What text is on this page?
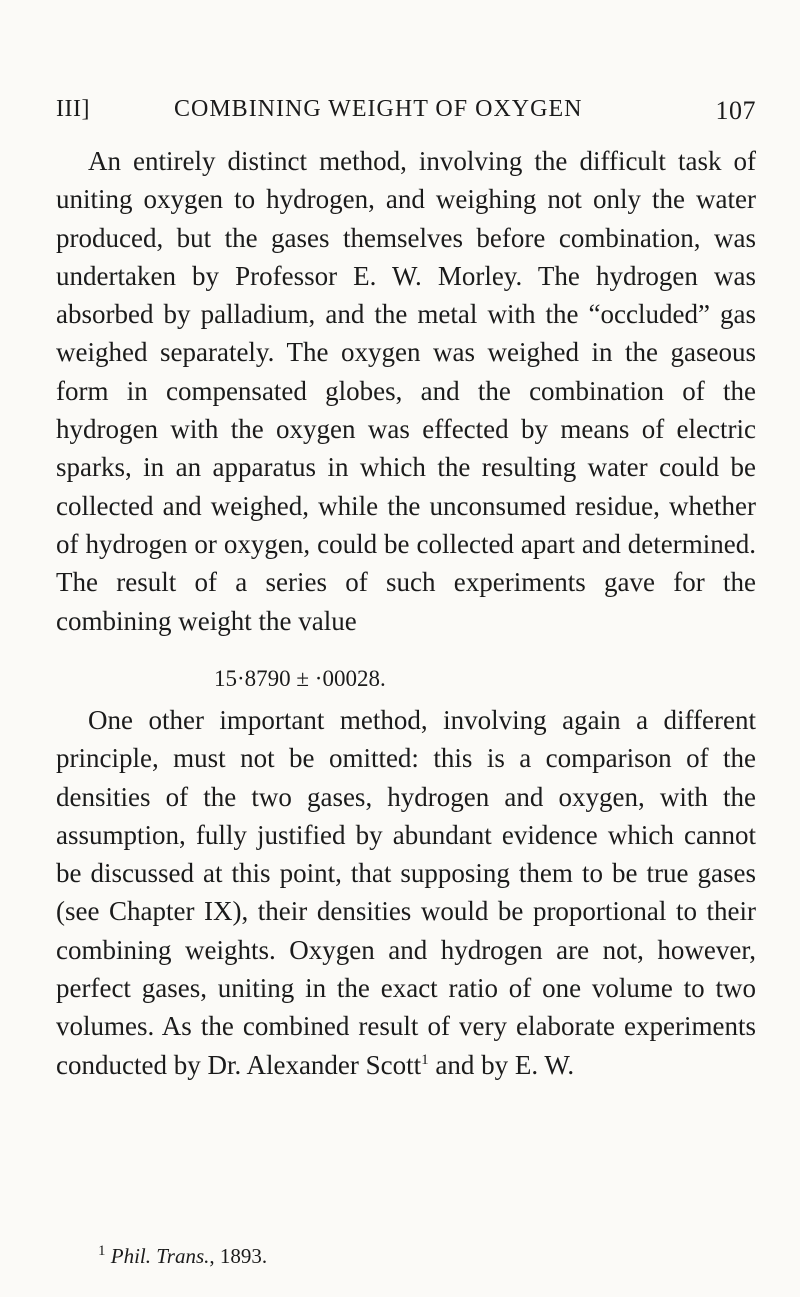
III]	COMBINING WEIGHT OF OXYGEN	107

An entirely distinct method, involving the difficult task of uniting oxygen to hydrogen, and weighing not only the water produced, but the gases themselves before combination, was undertaken by Professor E. W. Morley. The hydrogen was absorbed by palladium, and the metal with the “occluded” gas weighed separately. The oxygen was weighed in the gaseous form in compensated globes, and the combination of the hydrogen with the oxygen was effected by means of electric sparks, in an apparatus in which the resulting water could be collected and weighed, while the unconsumed residue, whether of hydrogen or oxygen, could be collected apart and determined. The result of a series of such experiments gave for the combining weight the value

15·8790 ± ·00028.

One other important method, involving again a different principle, must not be omitted: this is a comparison of the densities of the two gases, hydrogen and oxygen, with the assumption, fully justified by abundant evidence which cannot be discussed at this point, that supposing them to be true gases (see Chapter IX), their densities would be proportional to their combining weights. Oxygen and hydrogen are not, however, perfect gases, uniting in the exact ratio of one volume to two volumes. As the combined result of very elaborate experiments conducted by Dr. Alexander Scott$^1$ and by E. W.

$^1$ Phil. Trans., 1893.
